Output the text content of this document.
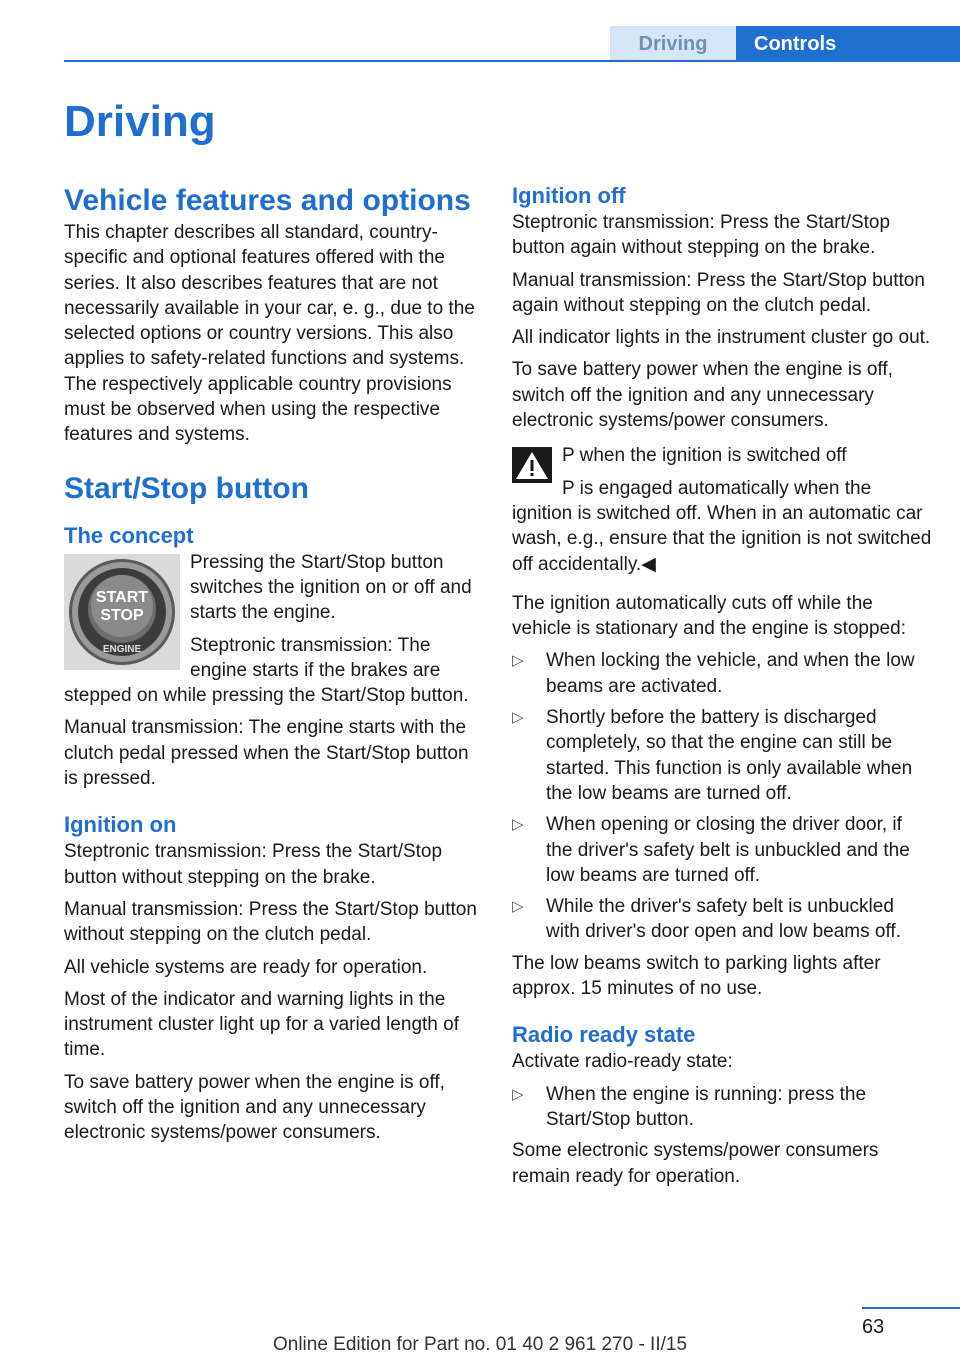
Driving	Controls
Driving
Vehicle features and options

This chapter describes all standard, country-specific and optional features offered with the series. It also describes features that are not necessarily available in your car, e. g., due to the selected options or country versions. This also applies to safety-related functions and systems. The respectively applicable country provisions must be observed when using the respective features and systems.

Start/Stop button
The concept
START
STOP
ENGINE

Pressing the Start/Stop button switches the ignition on or off and starts the engine.

Steptronic transmission: The engine starts if the brakes are stepped on while pressing the Start/Stop button.

Manual transmission: The engine starts with the clutch pedal pressed when the Start/Stop button is pressed.

Ignition on

Steptronic transmission: Press the Start/Stop button without stepping on the brake.

Manual transmission: Press the Start/Stop button without stepping on the clutch pedal.

All vehicle systems are ready for operation.

Most of the indicator and warning lights in the instrument cluster light up for a varied length of time.

To save battery power when the engine is off, switch off the ignition and any unnecessary electronic systems/power consumers.

Ignition off

Steptronic transmission: Press the Start/Stop button again without stepping on the brake.

Manual transmission: Press the Start/Stop button again without stepping on the clutch pedal.

All indicator lights in the instrument cluster go out.

To save battery power when the engine is off, switch off the ignition and any unnecessary electronic systems/power consumers.

P when the ignition is switched off

P is engaged automatically when the ignition is switched off. When in an automatic car wash, e.g., ensure that the ignition is not switched off accidentally.◀

The ignition automatically cuts off while the vehicle is stationary and the engine is stopped:

▷ When locking the vehicle, and when the low beams are activated.
▷ Shortly before the battery is discharged completely, so that the engine can still be started. This function is only available when the low beams are turned off.
▷ When opening or closing the driver door, if the driver's safety belt is unbuckled and the low beams are turned off.
▷ While the driver's safety belt is unbuckled with driver's door open and low beams off.

The low beams switch to parking lights after approx. 15 minutes of no use.

Radio ready state

Activate radio-ready state:

▷ When the engine is running: press the Start/Stop button.

Some electronic systems/power consumers remain ready for operation.

63
Online Edition for Part no. 01 40 2 961 270 - II/15
